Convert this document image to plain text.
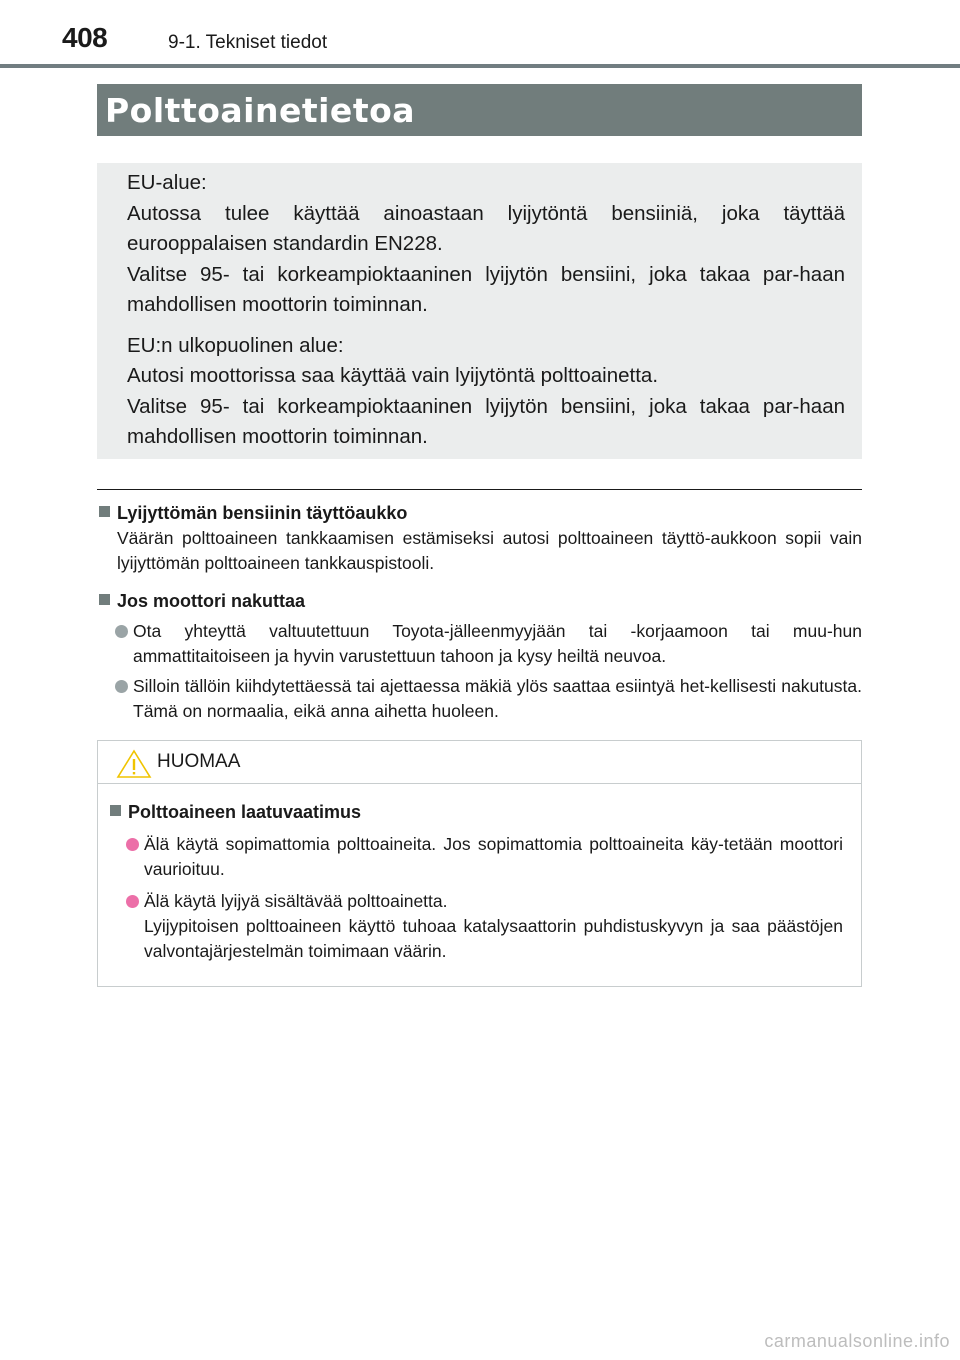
408	9-1. Tekniset tiedot
Polttoainetietoa

EU-alue:

Autossa tulee käyttää ainoastaan lyijytöntä bensiiniä, joka täyttää eurooppalaisen standardin EN228.

Valitse 95- tai korkeampioktaaninen lyijytön bensiini, joka takaa par-haan mahdollisen moottorin toiminnan.

EU:n ulkopuolinen alue:

Autosi moottorissa saa käyttää vain lyijytöntä polttoainetta.

Valitse 95- tai korkeampioktaaninen lyijytön bensiini, joka takaa par-haan mahdollisen moottorin toiminnan.

Lyijyttömän bensiinin täyttöaukko

Väärän polttoaineen tankkaamisen estämiseksi autosi polttoaineen täyttö-aukkoon sopii vain lyijyttömän polttoaineen tankkauspistooli.

Jos moottori nakuttaa

Ota yhteyttä valtuutettuun Toyota-jälleenmyyjään tai -korjaamoon tai muu-hun ammattitaitoiseen ja hyvin varustettuun tahoon ja kysy heiltä neuvoa.

Silloin tällöin kiihdytettäessä tai ajettaessa mäkiä ylös saattaa esiintyä het-kellisesti nakutusta. Tämä on normaalia, eikä anna aihetta huoleen.

HUOMAA

Polttoaineen laatuvaatimus

Älä käytä sopimattomia polttoaineita. Jos sopimattomia polttoaineita käy-tetään moottori vaurioituu.

Älä käytä lyijyä sisältävää polttoainetta.
Lyijypitoisen polttoaineen käyttö tuhoaa katalysaattorin puhdistuskyvyn ja saa päästöjen valvontajärjestelmän toimimaan väärin.

carmanualsonline.info
